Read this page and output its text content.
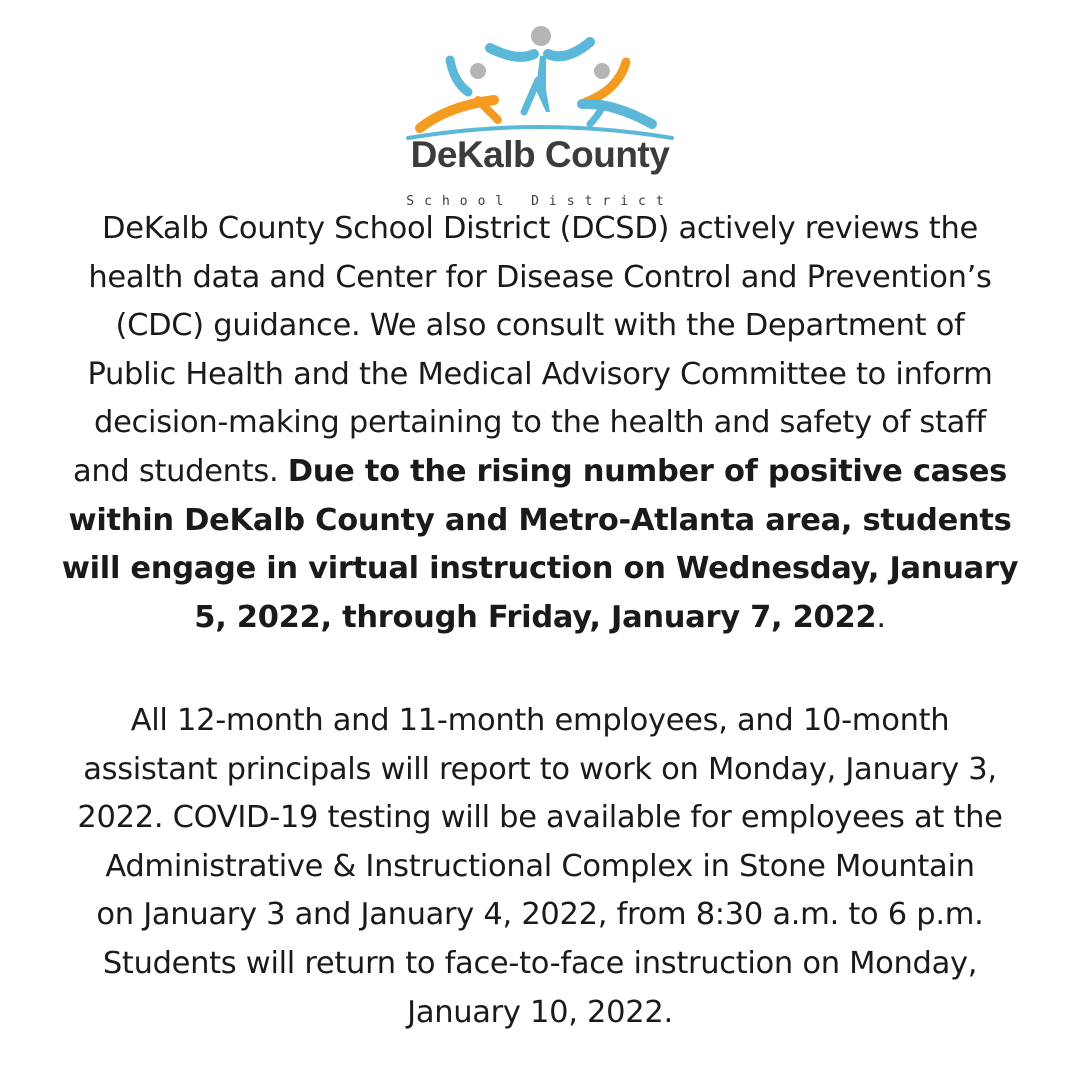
DeKalb County
School District

DeKalb County School District (DCSD) actively reviews the
health data and Center for Disease Control and Prevention’s
(CDC) guidance. We also consult with the Department of
Public Health and the Medical Advisory Committee to inform
decision-making pertaining to the health and safety of staff
and students. Due to the rising number of positive cases
within DeKalb County and Metro-Atlanta area, students
will engage in virtual instruction on Wednesday, January
5, 2022, through Friday, January 7, 2022.

All 12-month and 11-month employees, and 10-month
assistant principals will report to work on Monday, January 3,
2022. COVID-19 testing will be available for employees at the
Administrative & Instructional Complex in Stone Mountain
on January 3 and January 4, 2022, from 8:30 a.m. to 6 p.m.
Students will return to face-to-face instruction on Monday,
January 10, 2022.
